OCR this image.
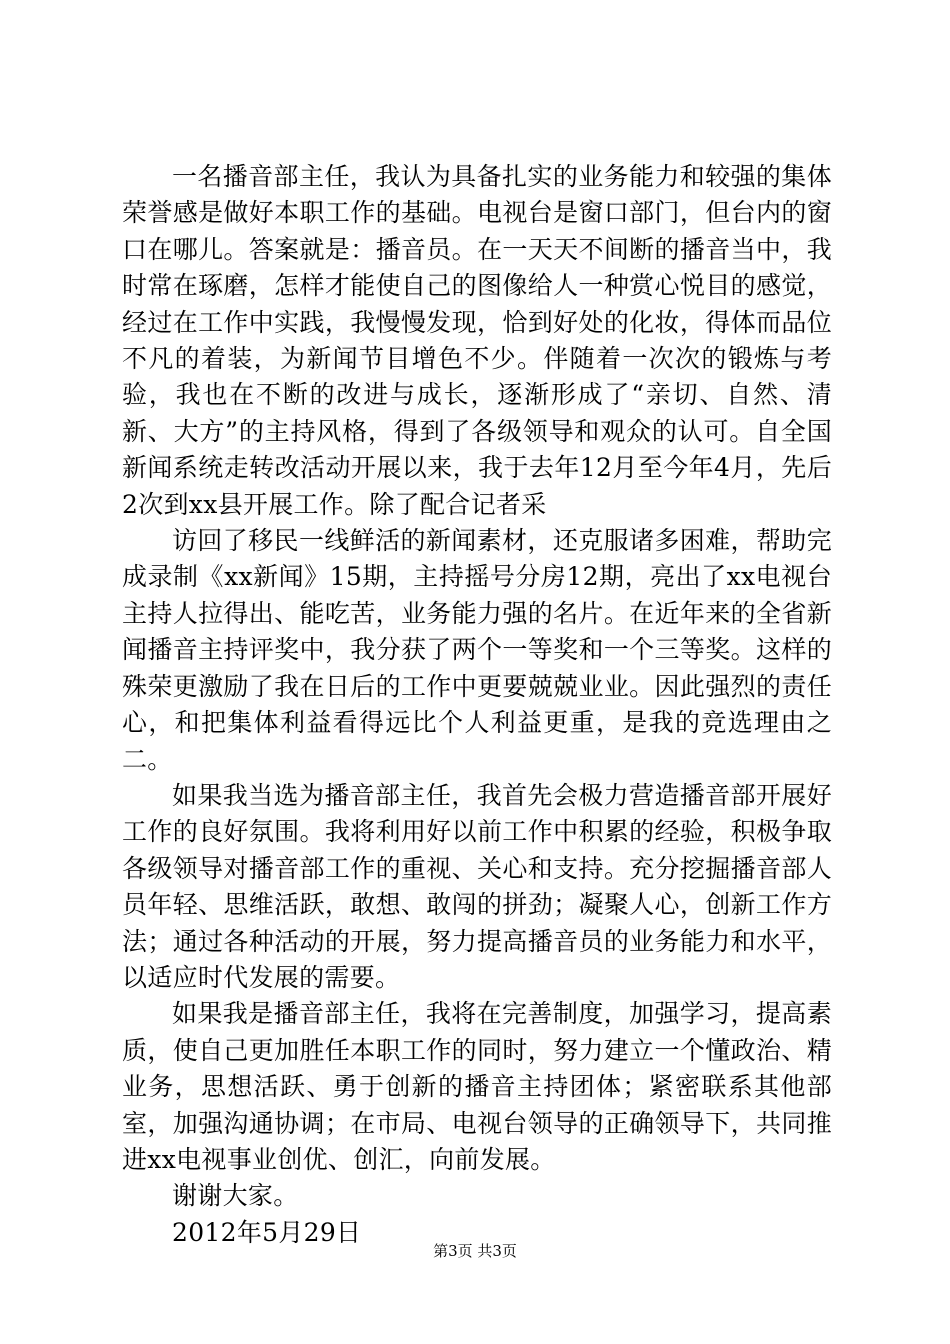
一名播音部主任，我认为具备扎实的业务能力和较强的集体荣誉感是做好本职工作的基础。电视台是窗口部门，但台内的窗口在哪儿。答案就是：播音员。在一天天不间断的播音当中，我时常在琢磨，怎样才能使自己的图像给人一种赏心悦目的感觉，经过在工作中实践，我慢慢发现，恰到好处的化妆，得体而品位不凡的着装，为新闻节目增色不少。伴随着一次次的锻炼与考验，我也在不断的改进与成长，逐渐形成了“亲切、自然、清新、大方”的主持风格，得到了各级领导和观众的认可。自全国新闻系统走转改活动开展以来，我于去年12月至今年4月，先后2次到xx县开展工作。除了配合记者采

访回了移民一线鲜活的新闻素材，还克服诸多困难，帮助完成录制《xx新闻》15期，主持摇号分房12期，亮出了xx电视台主持人拉得出、能吃苦，业务能力强的名片。在近年来的全省新闻播音主持评奖中，我分获了两个一等奖和一个三等奖。这样的殊荣更激励了我在日后的工作中更要兢兢业业。因此强烈的责任心，和把集体利益看得远比个人利益更重，是我的竞选理由之二。

如果我当选为播音部主任，我首先会极力营造播音部开展好工作的良好氛围。我将利用好以前工作中积累的经验，积极争取各级领导对播音部工作的重视、关心和支持。充分挖掘播音部人员年轻、思维活跃，敢想、敢闯的拼劲；凝聚人心，创新工作方法；通过各种活动的开展，努力提高播音员的业务能力和水平，以适应时代发展的需要。

如果我是播音部主任，我将在完善制度，加强学习，提高素质，使自己更加胜任本职工作的同时，努力建立一个懂政治、精业务，思想活跃、勇于创新的播音主持团体；紧密联系其他部室，加强沟通协调；在市局、电视台领导的正确领导下，共同推进xx电视事业创优、创汇，向前发展。

谢谢大家。

2012年5月29日

第3页 共3页
